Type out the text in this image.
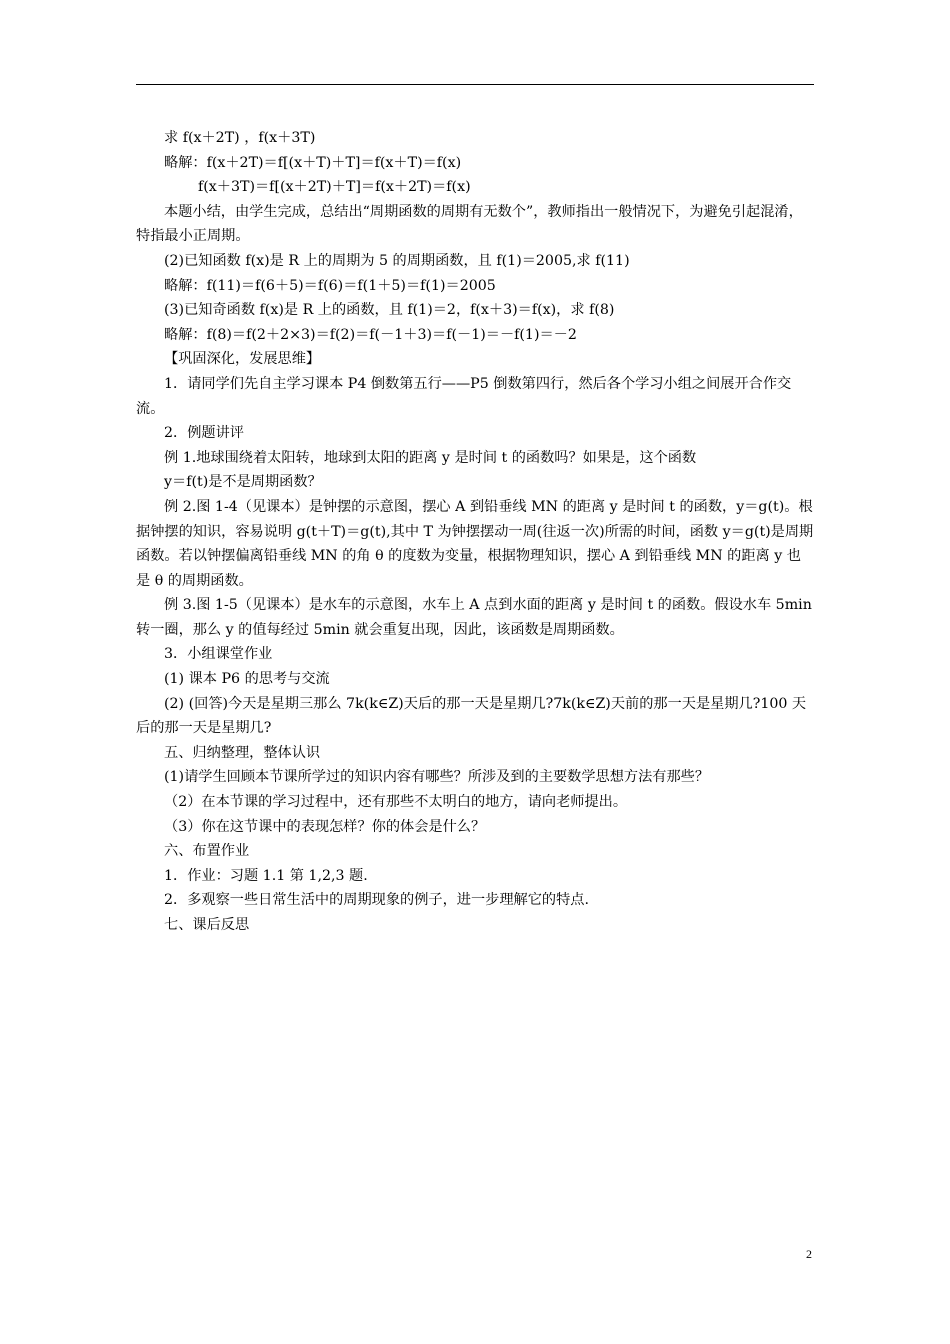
求 f(x＋2T) ，f(x＋3T)

略解：f(x＋2T)＝f[(x＋T)＋T]＝f(x＋T)＝f(x)

f(x＋3T)＝f[(x＋2T)＋T]＝f(x＋2T)＝f(x)

本题小结，由学生完成，总结出“周期函数的周期有无数个”，教师指出一般情况下，为避免引起混淆，特指最小正周期。

(2)已知函数 f(x)是 R 上的周期为 5 的周期函数，且 f(1)＝2005,求 f(11)

略解：f(11)＝f(6＋5)＝f(6)＝f(1＋5)＝f(1)＝2005

(3)已知奇函数 f(x)是 R 上的函数，且 f(1)＝2，f(x＋3)＝f(x)，求 f(8)

略解：f(8)＝f(2＋2×3)＝f(2)＝f(－1＋3)＝f(－1)＝－f(1)＝－2

【巩固深化，发展思维】

1．请同学们先自主学习课本 P4 倒数第五行——P5 倒数第四行，然后各个学习小组之间展开合作交流。

2．例题讲评

例 1.地球围绕着太阳转，地球到太阳的距离 y 是时间 t 的函数吗？如果是，这个函数

y＝f(t)是不是周期函数？

例 2.图 1-4（见课本）是钟摆的示意图，摆心 A 到铅垂线 MN 的距离 y 是时间 t 的函数，y＝g(t)。根据钟摆的知识，容易说明 g(t＋T)＝g(t),其中 T 为钟摆摆动一周(往返一次)所需的时间，函数 y＝g(t)是周期函数。若以钟摆偏离铅垂线 MN 的角 θ 的度数为变量，根据物理知识，摆心 A 到铅垂线 MN 的距离 y 也是 θ 的周期函数。

例 3.图 1-5（见课本）是水车的示意图，水车上 A 点到水面的距离 y 是时间 t 的函数。假设水车 5min 转一圈，那么 y 的值每经过 5min 就会重复出现，因此，该函数是周期函数。

3．小组课堂作业

(1) 课本 P6 的思考与交流

(2) (回答)今天是星期三那么 7k(k∈Z)天后的那一天是星期几?7k(k∈Z)天前的那一天是星期几?100 天后的那一天是星期几?

五、归纳整理，整体认识

(1)请学生回顾本节课所学过的知识内容有哪些？所涉及到的主要数学思想方法有那些？

（2）在本节课的学习过程中，还有那些不太明白的地方，请向老师提出。

（3）你在这节课中的表现怎样？你的体会是什么？

六、布置作业

1．作业：习题 1.1 第 1,2,3 题.

2．多观察一些日常生活中的周期现象的例子，进一步理解它的特点.

七、课后反思

2
